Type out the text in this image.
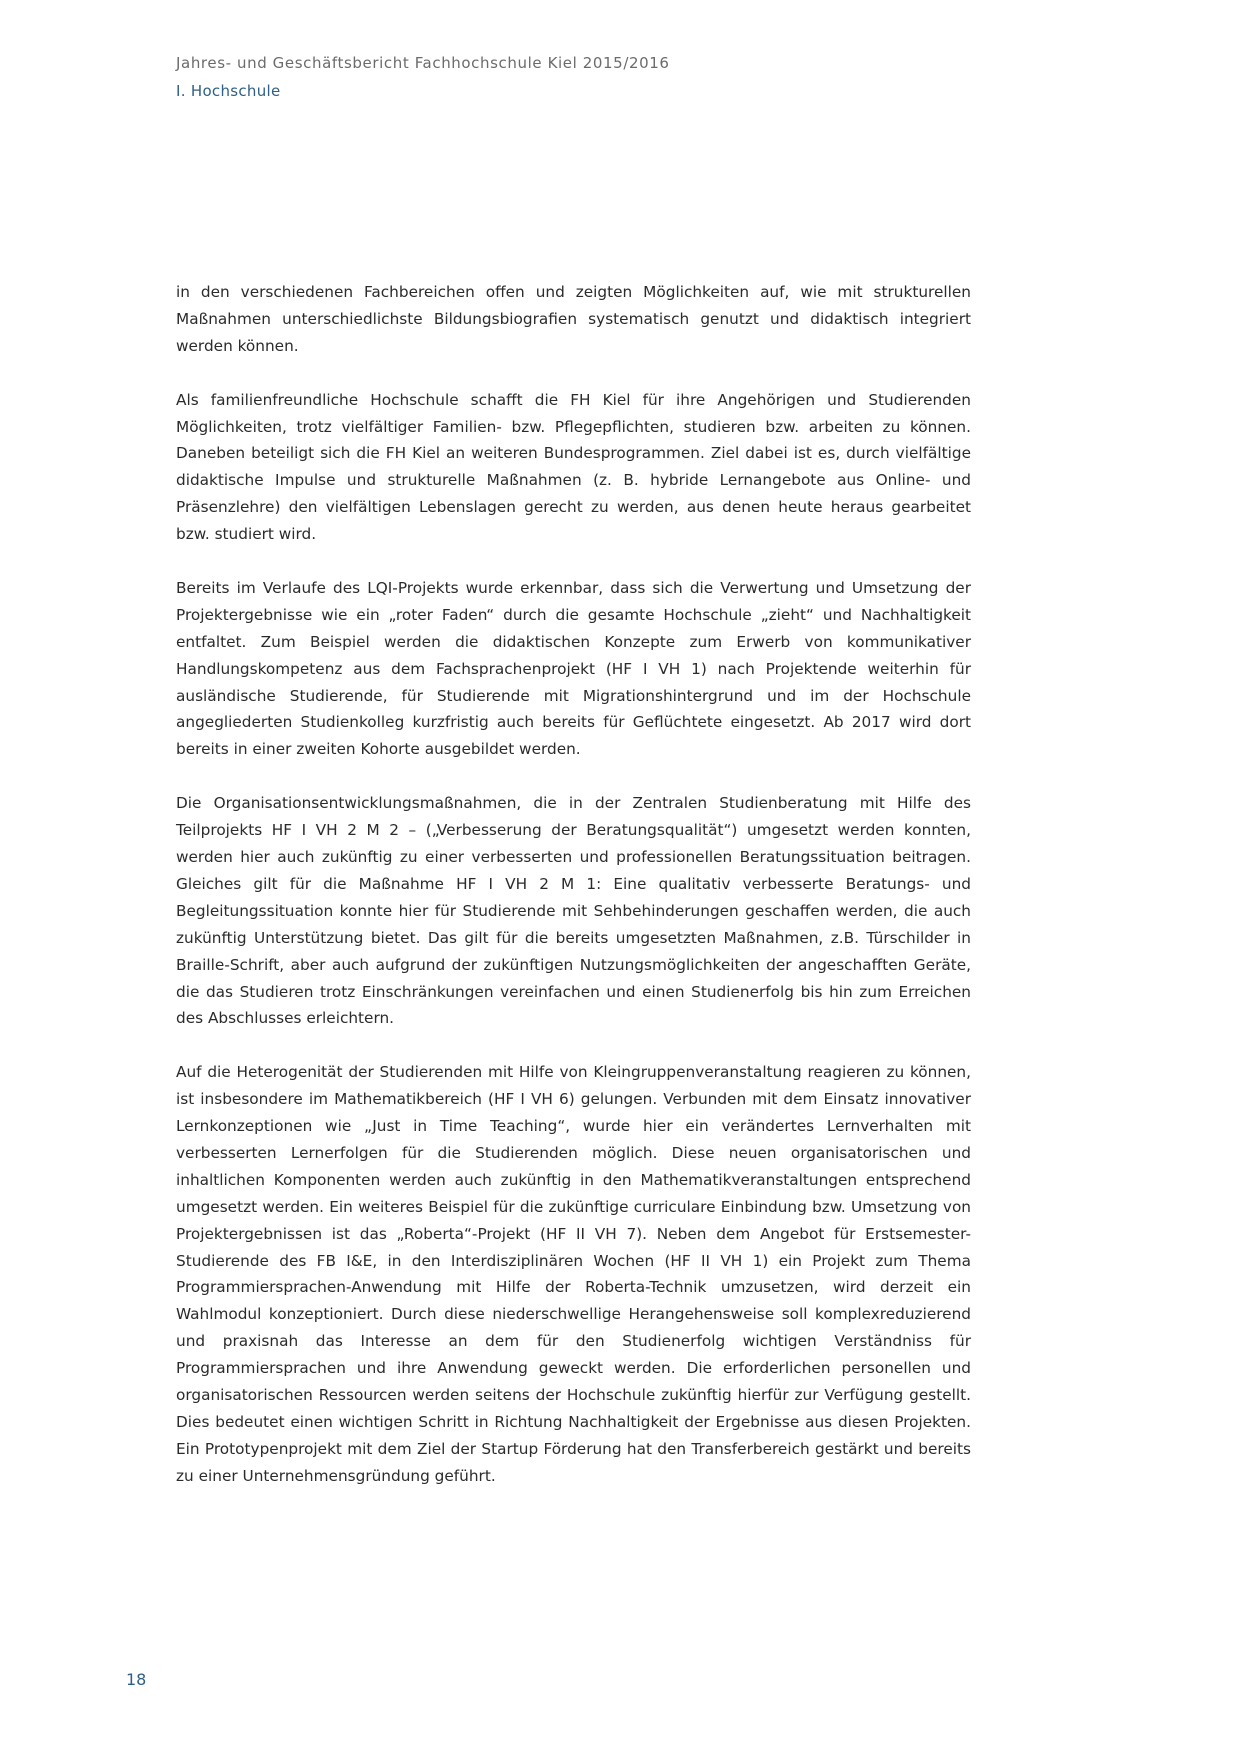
Jahres- und Geschäftsbericht Fachhochschule Kiel 2015/2016
I. Hochschule

in den verschiedenen Fachbereichen offen und zeigten Möglichkeiten auf, wie mit strukturellen Maßnahmen unterschiedlichste Bildungsbiografien systematisch genutzt und didaktisch integriert werden können.

Als familienfreundliche Hochschule schafft die FH Kiel für ihre Angehörigen und Studierenden Möglichkeiten, trotz vielfältiger Familien- bzw. Pflegepflichten, studieren bzw. arbeiten zu können. Daneben beteiligt sich die FH Kiel an weiteren Bundesprogrammen. Ziel dabei ist es, durch vielfältige didaktische Impulse und strukturelle Maßnahmen (z. B. hybride Lernangebote aus Online- und Präsenzlehre) den vielfältigen Lebenslagen gerecht zu werden, aus denen heute heraus gearbeitet bzw. studiert wird.

Bereits im Verlaufe des LQI-Projekts wurde erkennbar, dass sich die Verwertung und Umsetzung der Projektergebnisse wie ein „roter Faden“ durch die gesamte Hochschule „zieht“ und Nachhaltigkeit entfaltet. Zum Beispiel werden die didaktischen Konzepte zum Erwerb von kommunikativer Handlungskompetenz aus dem Fachsprachenprojekt (HF I VH 1) nach Projektende weiterhin für ausländische Studierende, für Studierende mit Migrationshintergrund und im der Hochschule angegliederten Studienkolleg kurzfristig auch bereits für Geflüchtete eingesetzt. Ab 2017 wird dort bereits in einer zweiten Kohorte ausgebildet werden.

Die Organisationsentwicklungsmaßnahmen, die in der Zentralen Studienberatung mit Hilfe des Teilprojekts HF I VH 2 M 2 – („Verbesserung der Beratungsqualität“) umgesetzt werden konnten, werden hier auch zukünftig zu einer verbesserten und professionellen Beratungssituation beitragen. Gleiches gilt für die Maßnahme HF I VH 2 M 1: Eine qualitativ verbesserte Beratungs- und Begleitungssituation konnte hier für Studierende mit Sehbehinderungen geschaffen werden, die auch zukünftig Unterstützung bietet. Das gilt für die bereits umgesetzten Maßnahmen, z.B. Türschilder in Braille-Schrift, aber auch aufgrund der zukünftigen Nutzungsmöglichkeiten der angeschafften Geräte, die das Studieren trotz Einschränkungen vereinfachen und einen Studienerfolg bis hin zum Erreichen des Abschlusses erleichtern.

Auf die Heterogenität der Studierenden mit Hilfe von Kleingruppenveranstaltung reagieren zu können, ist insbesondere im Mathematikbereich (HF I VH 6) gelungen. Verbunden mit dem Einsatz innovativer Lernkonzeptionen wie „Just in Time Teaching“, wurde hier ein verändertes Lernverhalten mit verbesserten Lernerfolgen für die Studierenden möglich. Diese neuen organisatorischen und inhaltlichen Komponenten werden auch zukünftig in den Mathematikveranstaltungen entsprechend umgesetzt werden. Ein weiteres Beispiel für die zukünftige curriculare Einbindung bzw. Umsetzung von Projektergebnissen ist das „Roberta“-Projekt (HF II VH 7). Neben dem Angebot für Erstsemester-Studierende des FB I&E, in den Interdisziplinären Wochen (HF II VH 1) ein Projekt zum Thema Programmiersprachen-Anwendung mit Hilfe der Roberta-Technik umzusetzen, wird derzeit ein Wahlmodul konzeptioniert. Durch diese niederschwellige Herangehensweise soll komplexreduzierend und praxisnah das Interesse an dem für den Studienerfolg wichtigen Verständniss für Programmiersprachen und ihre Anwendung geweckt werden. Die erforderlichen personellen und organisatorischen Ressourcen werden seitens der Hochschule zukünftig hierfür zur Verfügung gestellt. Dies bedeutet einen wichtigen Schritt in Richtung Nachhaltigkeit der Ergebnisse aus diesen Projekten. Ein Prototypenprojekt mit dem Ziel der Startup Förderung hat den Transferbereich gestärkt und bereits zu einer Unternehmensgründung geführt.

18
